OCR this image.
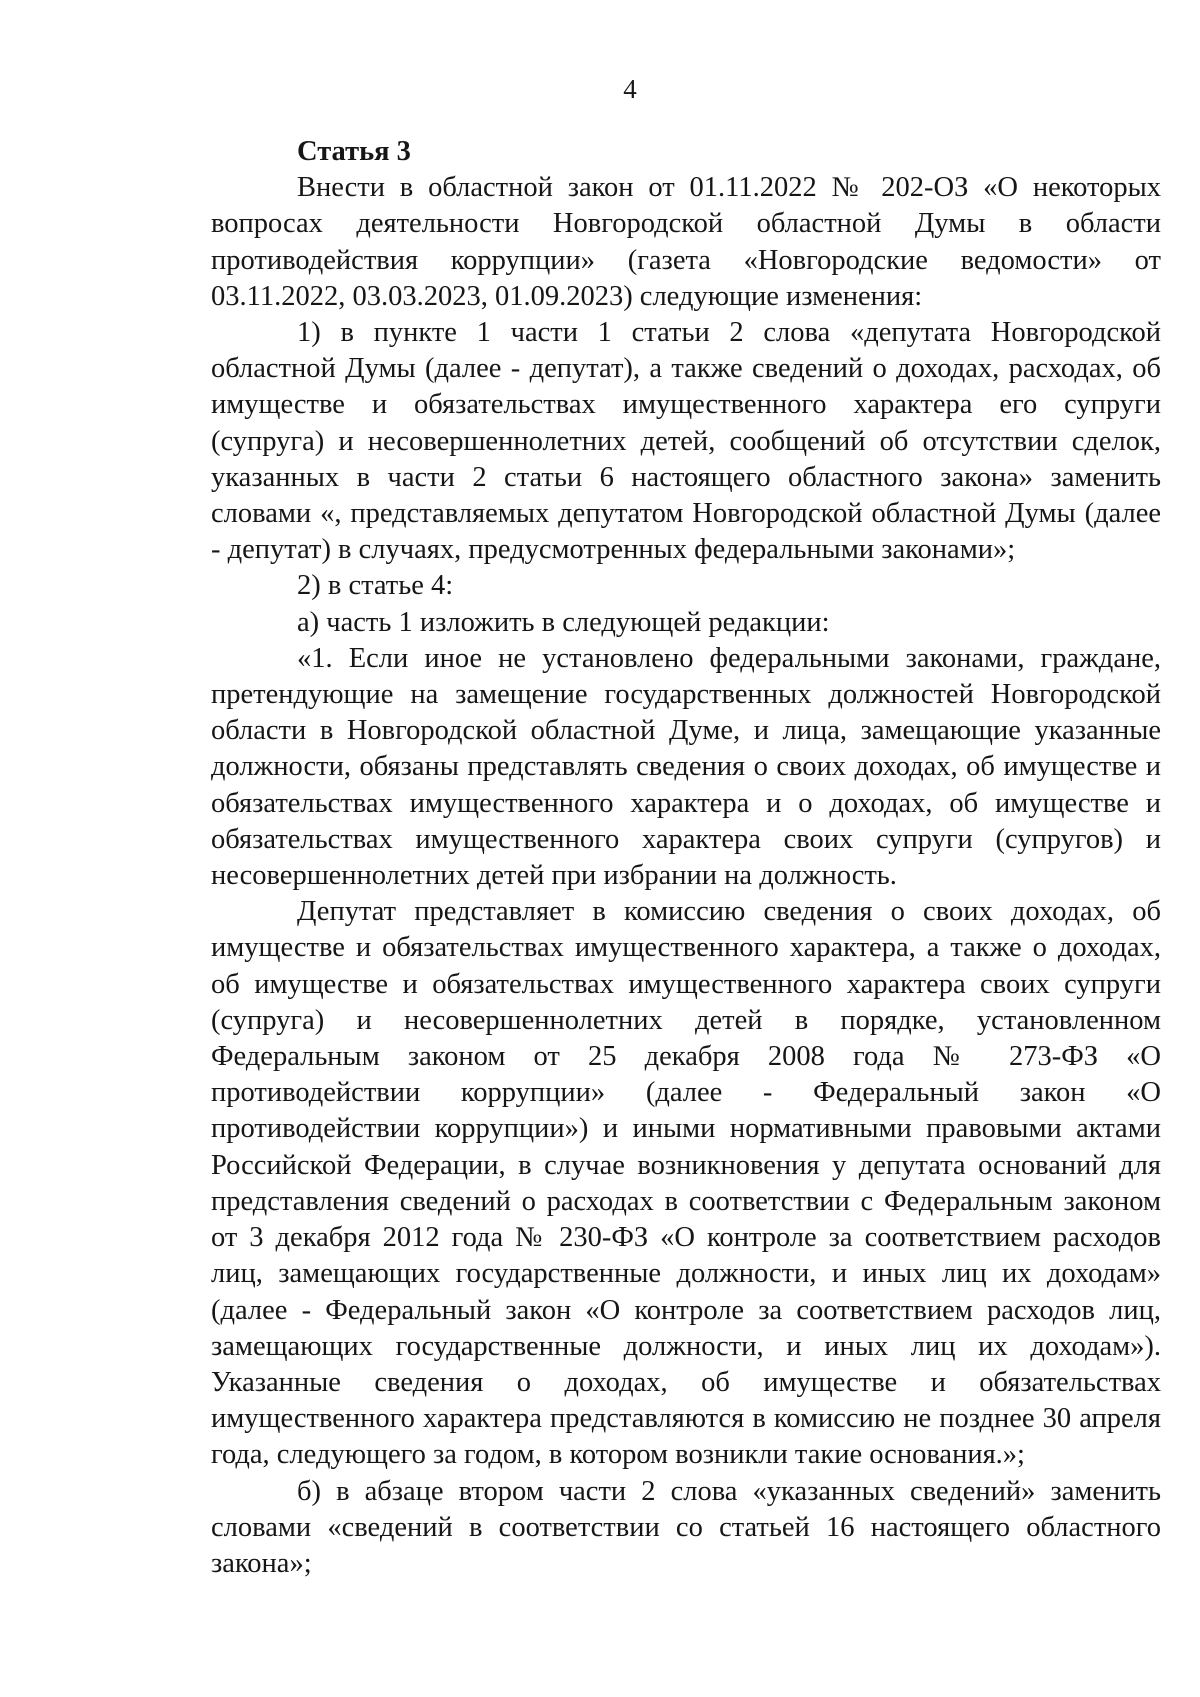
4

Статья 3

Внести в областной закон от 01.11.2022 № 202-ОЗ «О некоторых вопросах деятельности Новгородской областной Думы в области противодействия коррупции» (газета «Новгородские ведомости» от 03.11.2022, 03.03.2023, 01.09.2023) следующие изменения:

1) в пункте 1 части 1 статьи 2 слова «депутата Новгородской областной Думы (далее - депутат), а также сведений о доходах, расходах, об имуществе и обязательствах имущественного характера его супруги (супруга) и несовершеннолетних детей, сообщений об отсутствии сделок, указанных в части 2 статьи 6 настоящего областного закона» заменить словами «, представляемых депутатом Новгородской областной Думы (далее - депутат) в случаях, предусмотренных федеральными законами»;

2) в статье 4:

а) часть 1 изложить в следующей редакции:

«1. Если иное не установлено федеральными законами, граждане, претендующие на замещение государственных должностей Новгородской области в Новгородской областной Думе, и лица, замещающие указанные должности, обязаны представлять сведения о своих доходах, об имуществе и обязательствах имущественного характера и о доходах, об имуществе и обязательствах имущественного характера своих супруги (супругов) и несовершеннолетних детей при избрании на должность.

Депутат представляет в комиссию сведения о своих доходах, об имуществе и обязательствах имущественного характера, а также о доходах, об имуществе и обязательствах имущественного характера своих супруги (супруга) и несовершеннолетних детей в порядке, установленном Федеральным законом от 25 декабря 2008 года № 273-ФЗ «О противодействии коррупции» (далее - Федеральный закон «О противодействии коррупции») и иными нормативными правовыми актами Российской Федерации, в случае возникновения у депутата оснований для представления сведений о расходах в соответствии с Федеральным законом от 3 декабря 2012 года № 230-ФЗ «О контроле за соответствием расходов лиц, замещающих государственные должности, и иных лиц их доходам» (далее - Федеральный закон «О контроле за соответствием расходов лиц, замещающих государственные должности, и иных лиц их доходам»). Указанные сведения о доходах, об имуществе и обязательствах имущественного характера представляются в комиссию не позднее 30 апреля года, следующего за годом, в котором возникли такие основания.»;

б) в абзаце втором части 2 слова «указанных сведений» заменить словами «сведений в соответствии со статьей 16 настоящего областного закона»;
